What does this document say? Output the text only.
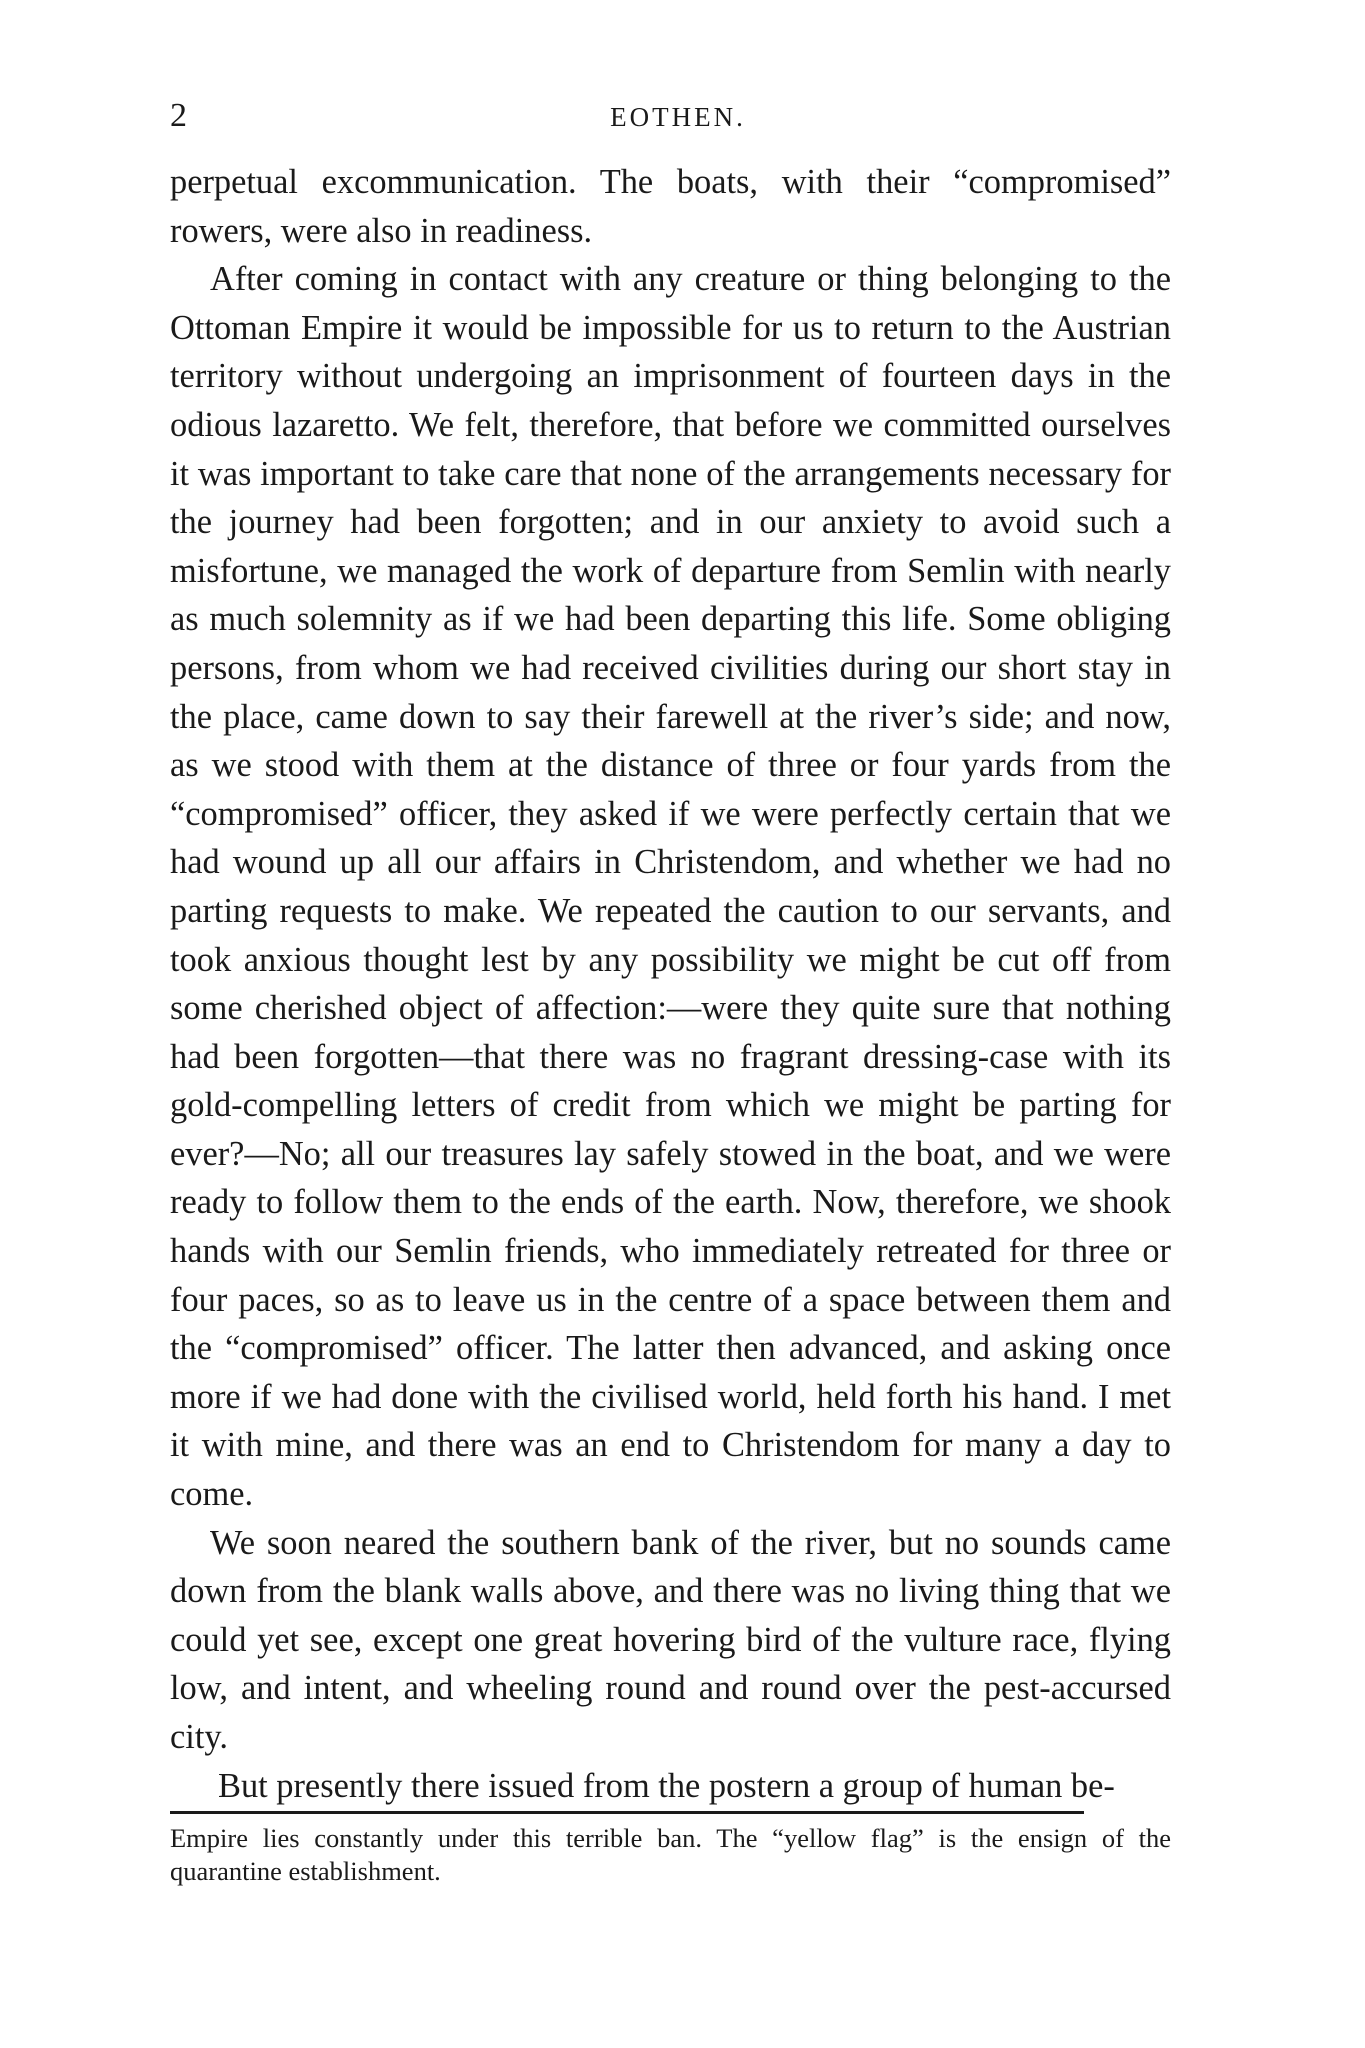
2	EOTHEN.

perpetual excommunication. The boats, with their “compromised” rowers, were also in readiness.

After coming in contact with any creature or thing belonging to the Ottoman Empire it would be impossible for us to return to the Austrian territory without undergoing an imprisonment of fourteen days in the odious lazaretto. We felt, therefore, that before we committed ourselves it was important to take care that none of the arrangements necessary for the journey had been forgotten; and in our anxiety to avoid such a misfortune, we managed the work of departure from Semlin with nearly as much solemnity as if we had been departing this life. Some obliging persons, from whom we had received civilities during our short stay in the place, came down to say their farewell at the river’s side; and now, as we stood with them at the distance of three or four yards from the “compromised” officer, they asked if we were perfectly certain that we had wound up all our affairs in Christendom, and whether we had no parting requests to make. We repeated the caution to our servants, and took anxious thought lest by any possibility we might be cut off from some cherished object of affection:—were they quite sure that nothing had been forgotten—that there was no fragrant dressing-case with its gold-compelling letters of credit from which we might be parting for ever?—No; all our treasures lay safely stowed in the boat, and we were ready to follow them to the ends of the earth. Now, therefore, we shook hands with our Semlin friends, who immediately retreated for three or four paces, so as to leave us in the centre of a space between them and the “compromised” officer. The latter then advanced, and asking once more if we had done with the civilised world, held forth his hand. I met it with mine, and there was an end to Christendom for many a day to come.

We soon neared the southern bank of the river, but no sounds came down from the blank walls above, and there was no living thing that we could yet see, except one great hovering bird of the vulture race, flying low, and intent, and wheeling round and round over the pest-accursed city.

But presently there issued from the postern a group of human be-

Empire lies constantly under this terrible ban. The “yellow flag” is the ensign of the quarantine establishment.
